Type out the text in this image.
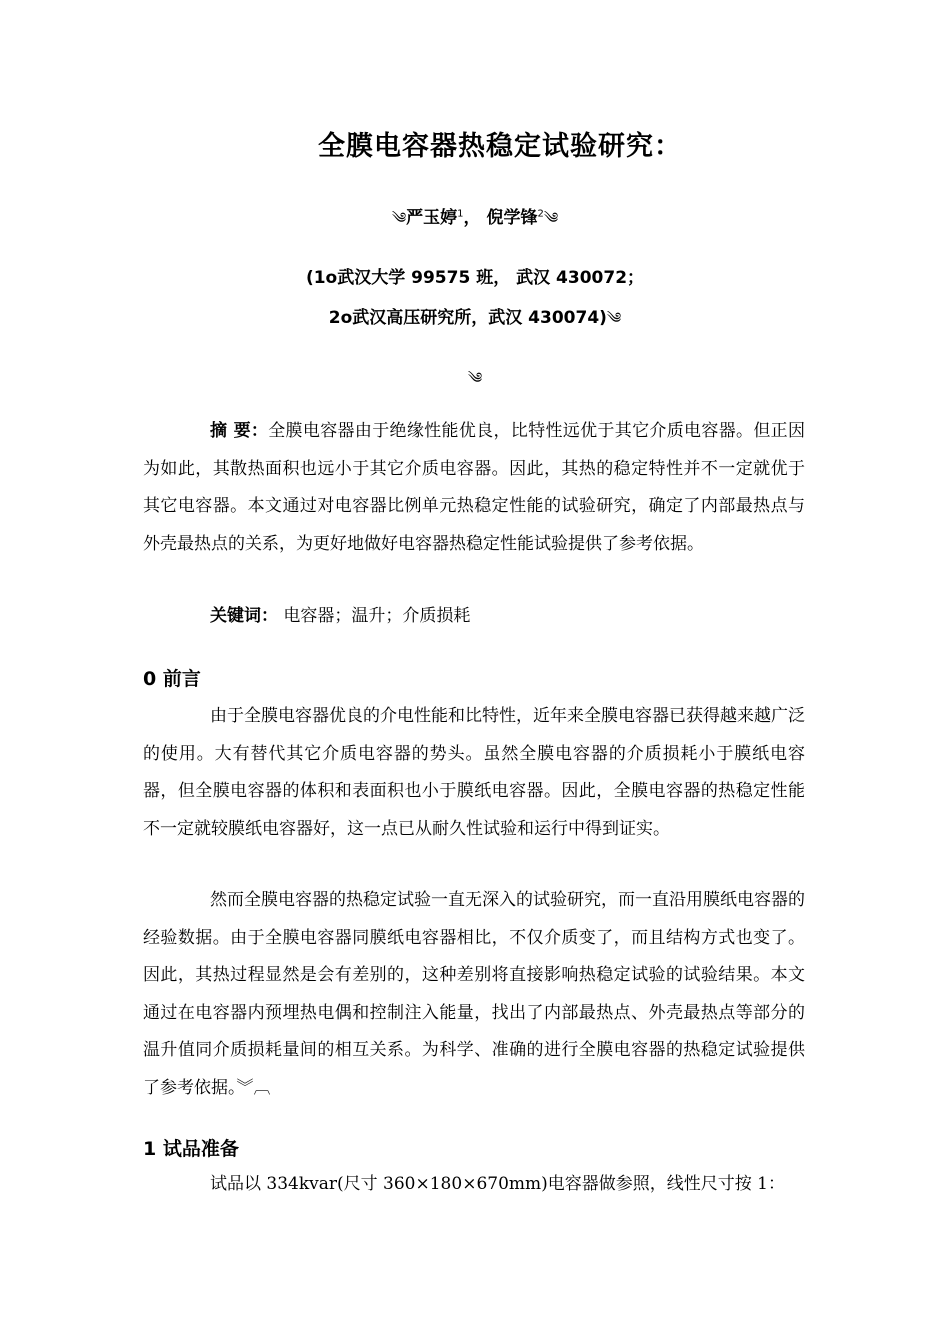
全膜电容器热稳定试验研究：
༄严玉婷$^1$， 倪学锋$^2$༄
(1o武汉大学 99575 班， 武汉 430072；
2o武汉高压研究所，武汉 430074)༄
༄
摘 要：全膜电容器由于绝缘性能优良，比特性远优于其它介质电容器。但正因为如此，其散热面积也远小于其它介质电容器。因此，其热的稳定特性并不一定就优于其它电容器。本文通过对电容器比例单元热稳定性能的试验研究，确定了内部最热点与外壳最热点的关系，为更好地做好电容器热稳定性能试验提供了参考依据。
关键词： 电容器；温升；介质损耗
0 前言
由于全膜电容器优良的介电性能和比特性，近年来全膜电容器已获得越来越广泛的使用。大有替代其它介质电容器的势头。虽然全膜电容器的介质损耗小于膜纸电容器，但全膜电容器的体积和表面积也小于膜纸电容器。因此，全膜电容器的热稳定性能不一定就较膜纸电容器好，这一点已从耐久性试验和运行中得到证实。
然而全膜电容器的热稳定试验一直无深入的试验研究，而一直沿用膜纸电容器的经验数据。由于全膜电容器同膜纸电容器相比，不仅介质变了，而且结构方式也变了。因此，其热过程显然是会有差别的，这种差别将直接影响热稳定试验的试验结果。本文通过在电容器内预埋热电偶和控制注入能量，找出了内部最热点、外壳最热点等部分的温升值同介质损耗量间的相互关系。为科学、准确的进行全膜电容器的热稳定试验提供了参考依据。︾︹
1 试品准备
试品以 334kvar(尺寸 360×180×670mm)电容器做参照，线性尺寸按 1：
